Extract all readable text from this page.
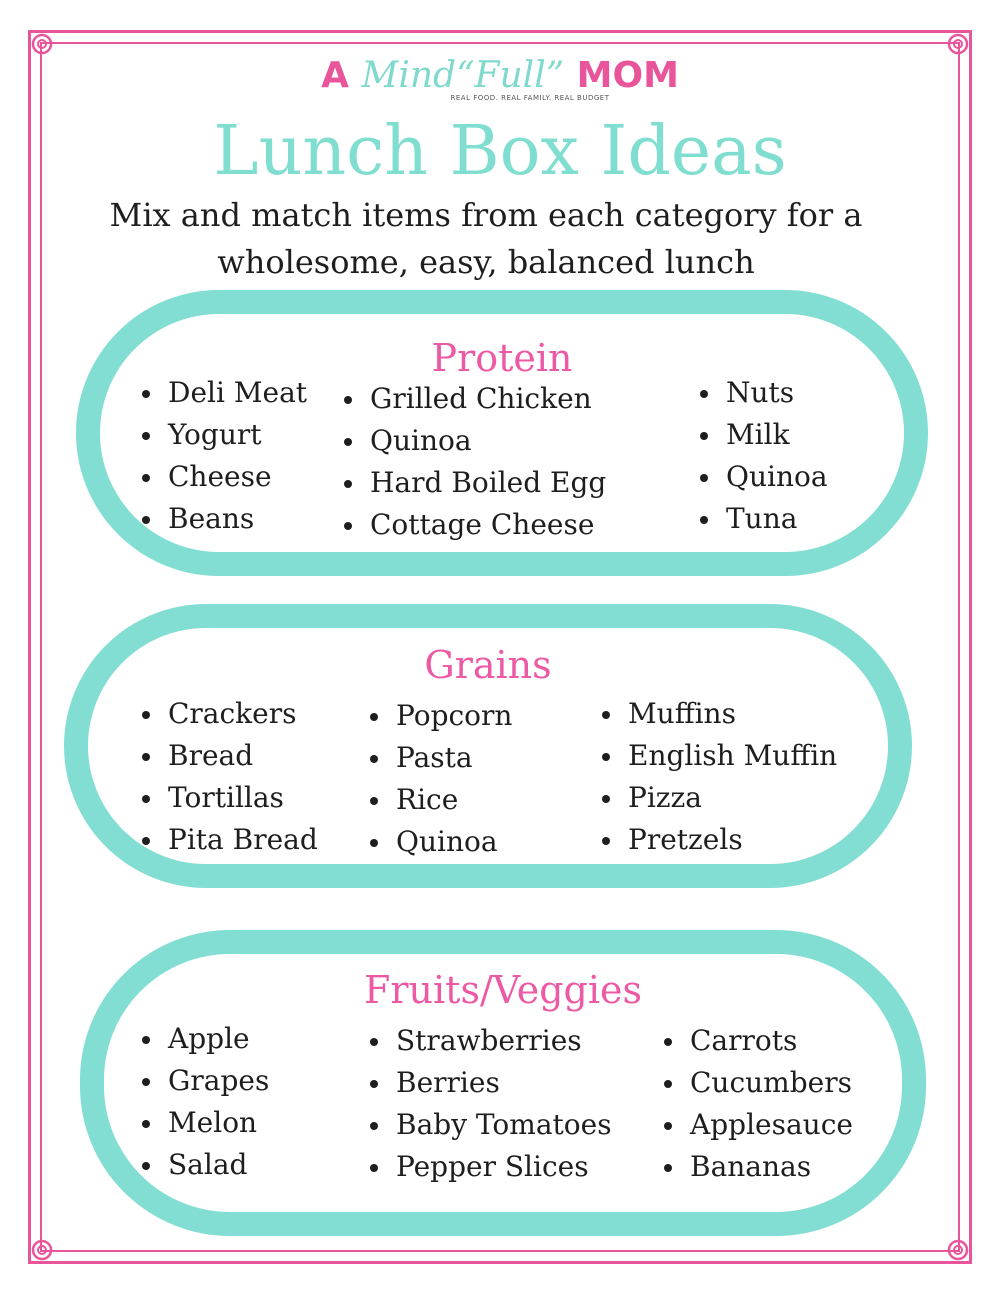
A Mind“Full” MOM
REAL FOOD. REAL FAMILY. REAL BUDGET
Lunch Box Ideas
Mix and match items from each category for a
wholesome, easy, balanced lunch
Protein
Deli Meat
Yogurt
Cheese
Beans
Grilled Chicken
Quinoa
Hard Boiled Egg
Cottage Cheese
Nuts
Milk
Quinoa
Tuna
Grains
Crackers
Bread
Tortillas
Pita Bread
Popcorn
Pasta
Rice
Quinoa
Muffins
English Muffin
Pizza
Pretzels
Fruits/Veggies
Apple
Grapes
Melon
Salad
Strawberries
Berries
Baby Tomatoes
Pepper Slices
Carrots
Cucumbers
Applesauce
Bananas
